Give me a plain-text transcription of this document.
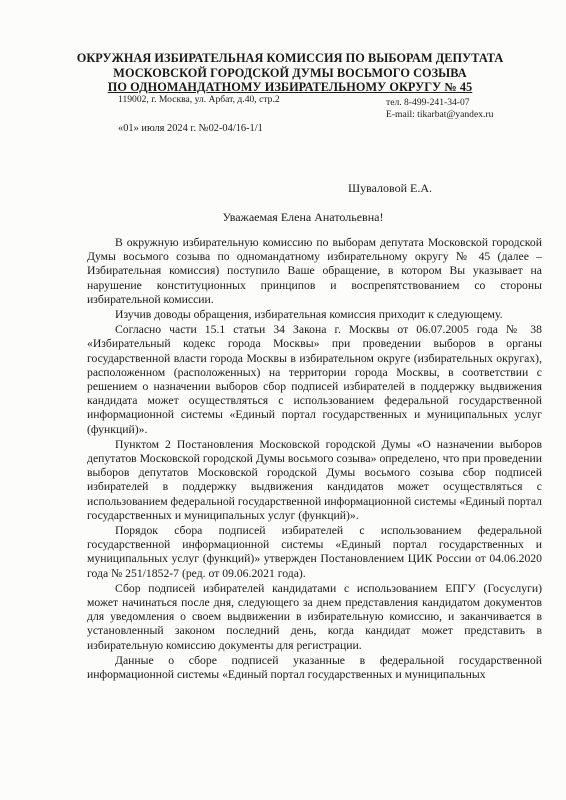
ОКРУЖНАЯ ИЗБИРАТЕЛЬНАЯ КОМИССИЯ ПО ВЫБОРАМ ДЕПУТАТА
МОСКОВСКОЙ ГОРОДСКОЙ ДУМЫ ВОСЬМОГО СОЗЫВА
ПО ОДНОМАНДАТНОМУ ИЗБИРАТЕЛЬНОМУ ОКРУГУ № 45
119002, г. Москва, ул. Арбат, д.40, стр.2	тел. 8-499-241-34-07
E-mail: tikarbat@yandex.ru
«01» июля 2024 г. №02-04/16-1/1
Шуваловой Е.А.
Уважаемая Елена Анатольевна!

В окружную избирательную комиссию по выборам депутата Московской городской Думы восьмого созыва по одномандатному избирательному округу № 45 (далее – Избирательная комиссия) поступило Ваше обращение, в котором Вы указывает на нарушение конституционных принципов и воспрепятствованием со стороны избирательной комиссии.

Изучив доводы обращения, избирательная комиссия приходит к следующему.

Согласно части 15.1 статьи 34 Закона г. Москвы от 06.07.2005 года № 38 «Избирательный кодекс города Москвы» при проведении выборов в органы государственной власти города Москвы в избирательном округе (избирательных округах), расположенном (расположенных) на территории города Москвы, в соответствии с решением о назначении выборов сбор подписей избирателей в поддержку выдвижения кандидата может осуществляться с использованием федеральной государственной информационной системы «Единый портал государственных и муниципальных услуг (функций)».

Пунктом 2 Постановления Московской городской Думы «О назначении выборов депутатов Московской городской Думы восьмого созыва» определено, что при проведении выборов депутатов Московской городской Думы восьмого созыва сбор подписей избирателей в поддержку выдвижения кандидатов может осуществляться с использованием федеральной государственной информационной системы «Единый портал государственных и муниципальных услуг (функций)».

Порядок сбора подписей избирателей с использованием федеральной государственной информационной системы «Единый портал государственных и муниципальных услуг (функций)» утвержден Постановлением ЦИК России от 04.06.2020 года № 251/1852-7 (ред. от 09.06.2021 года).

Сбор подписей избирателей кандидатами с использованием ЕПГУ (Госуслуги) может начинаться после дня, следующего за днем представления кандидатом документов для уведомления о своем выдвижении в избирательную комиссию, и заканчивается в установленный законом последний день, когда кандидат может представить в избирательную комиссию документы для регистрации.

Данные о сборе подписей указанные в федеральной государственной информационной системы «Единый портал государственных и муниципальных
